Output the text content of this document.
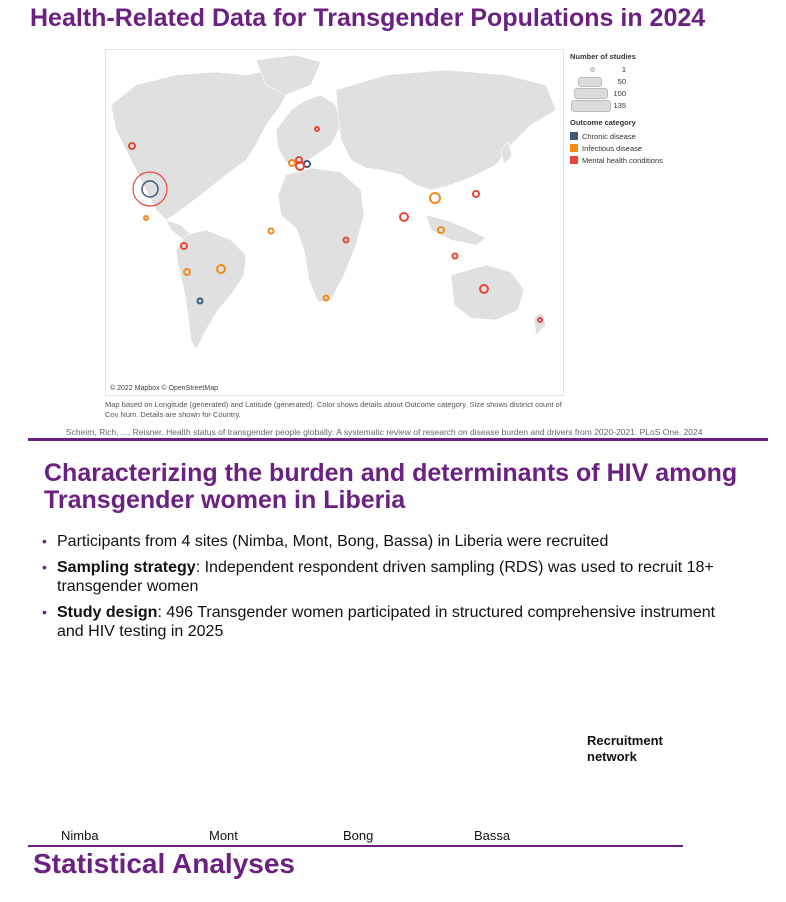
Health-Related Data for Transgender Populations in 2024
© 2022 Mapbox © OpenStreetMap
Number of studies
1
50
100
135
Outcome category
Chronic disease
Infectious disease
Mental health conditions
Map based on Longitude (generated) and Latitude (generated). Color shows details about Outcome category. Size shows distinct count of Cov Num. Details are shown for Country.
Scheim, Rich, ..., Reisner. Health status of transgender people globally: A systematic review of research on disease burden and drivers from 2020-2021. PLoS One. 2024
Characterizing the burden and determinants of HIV among Transgender women in Liberia
• Participants from 4 sites (Nimba, Mont, Bong, Bassa) in Liberia were recruited
• Sampling strategy: Independent respondent driven sampling (RDS) was used to recruit 18+ transgender women
• Study design: 496 Transgender women participated in structured comprehensive instrument and HIV testing in 2025
Recruitment network
Nimba	Mont	Bong	Bassa
Statistical Analyses
